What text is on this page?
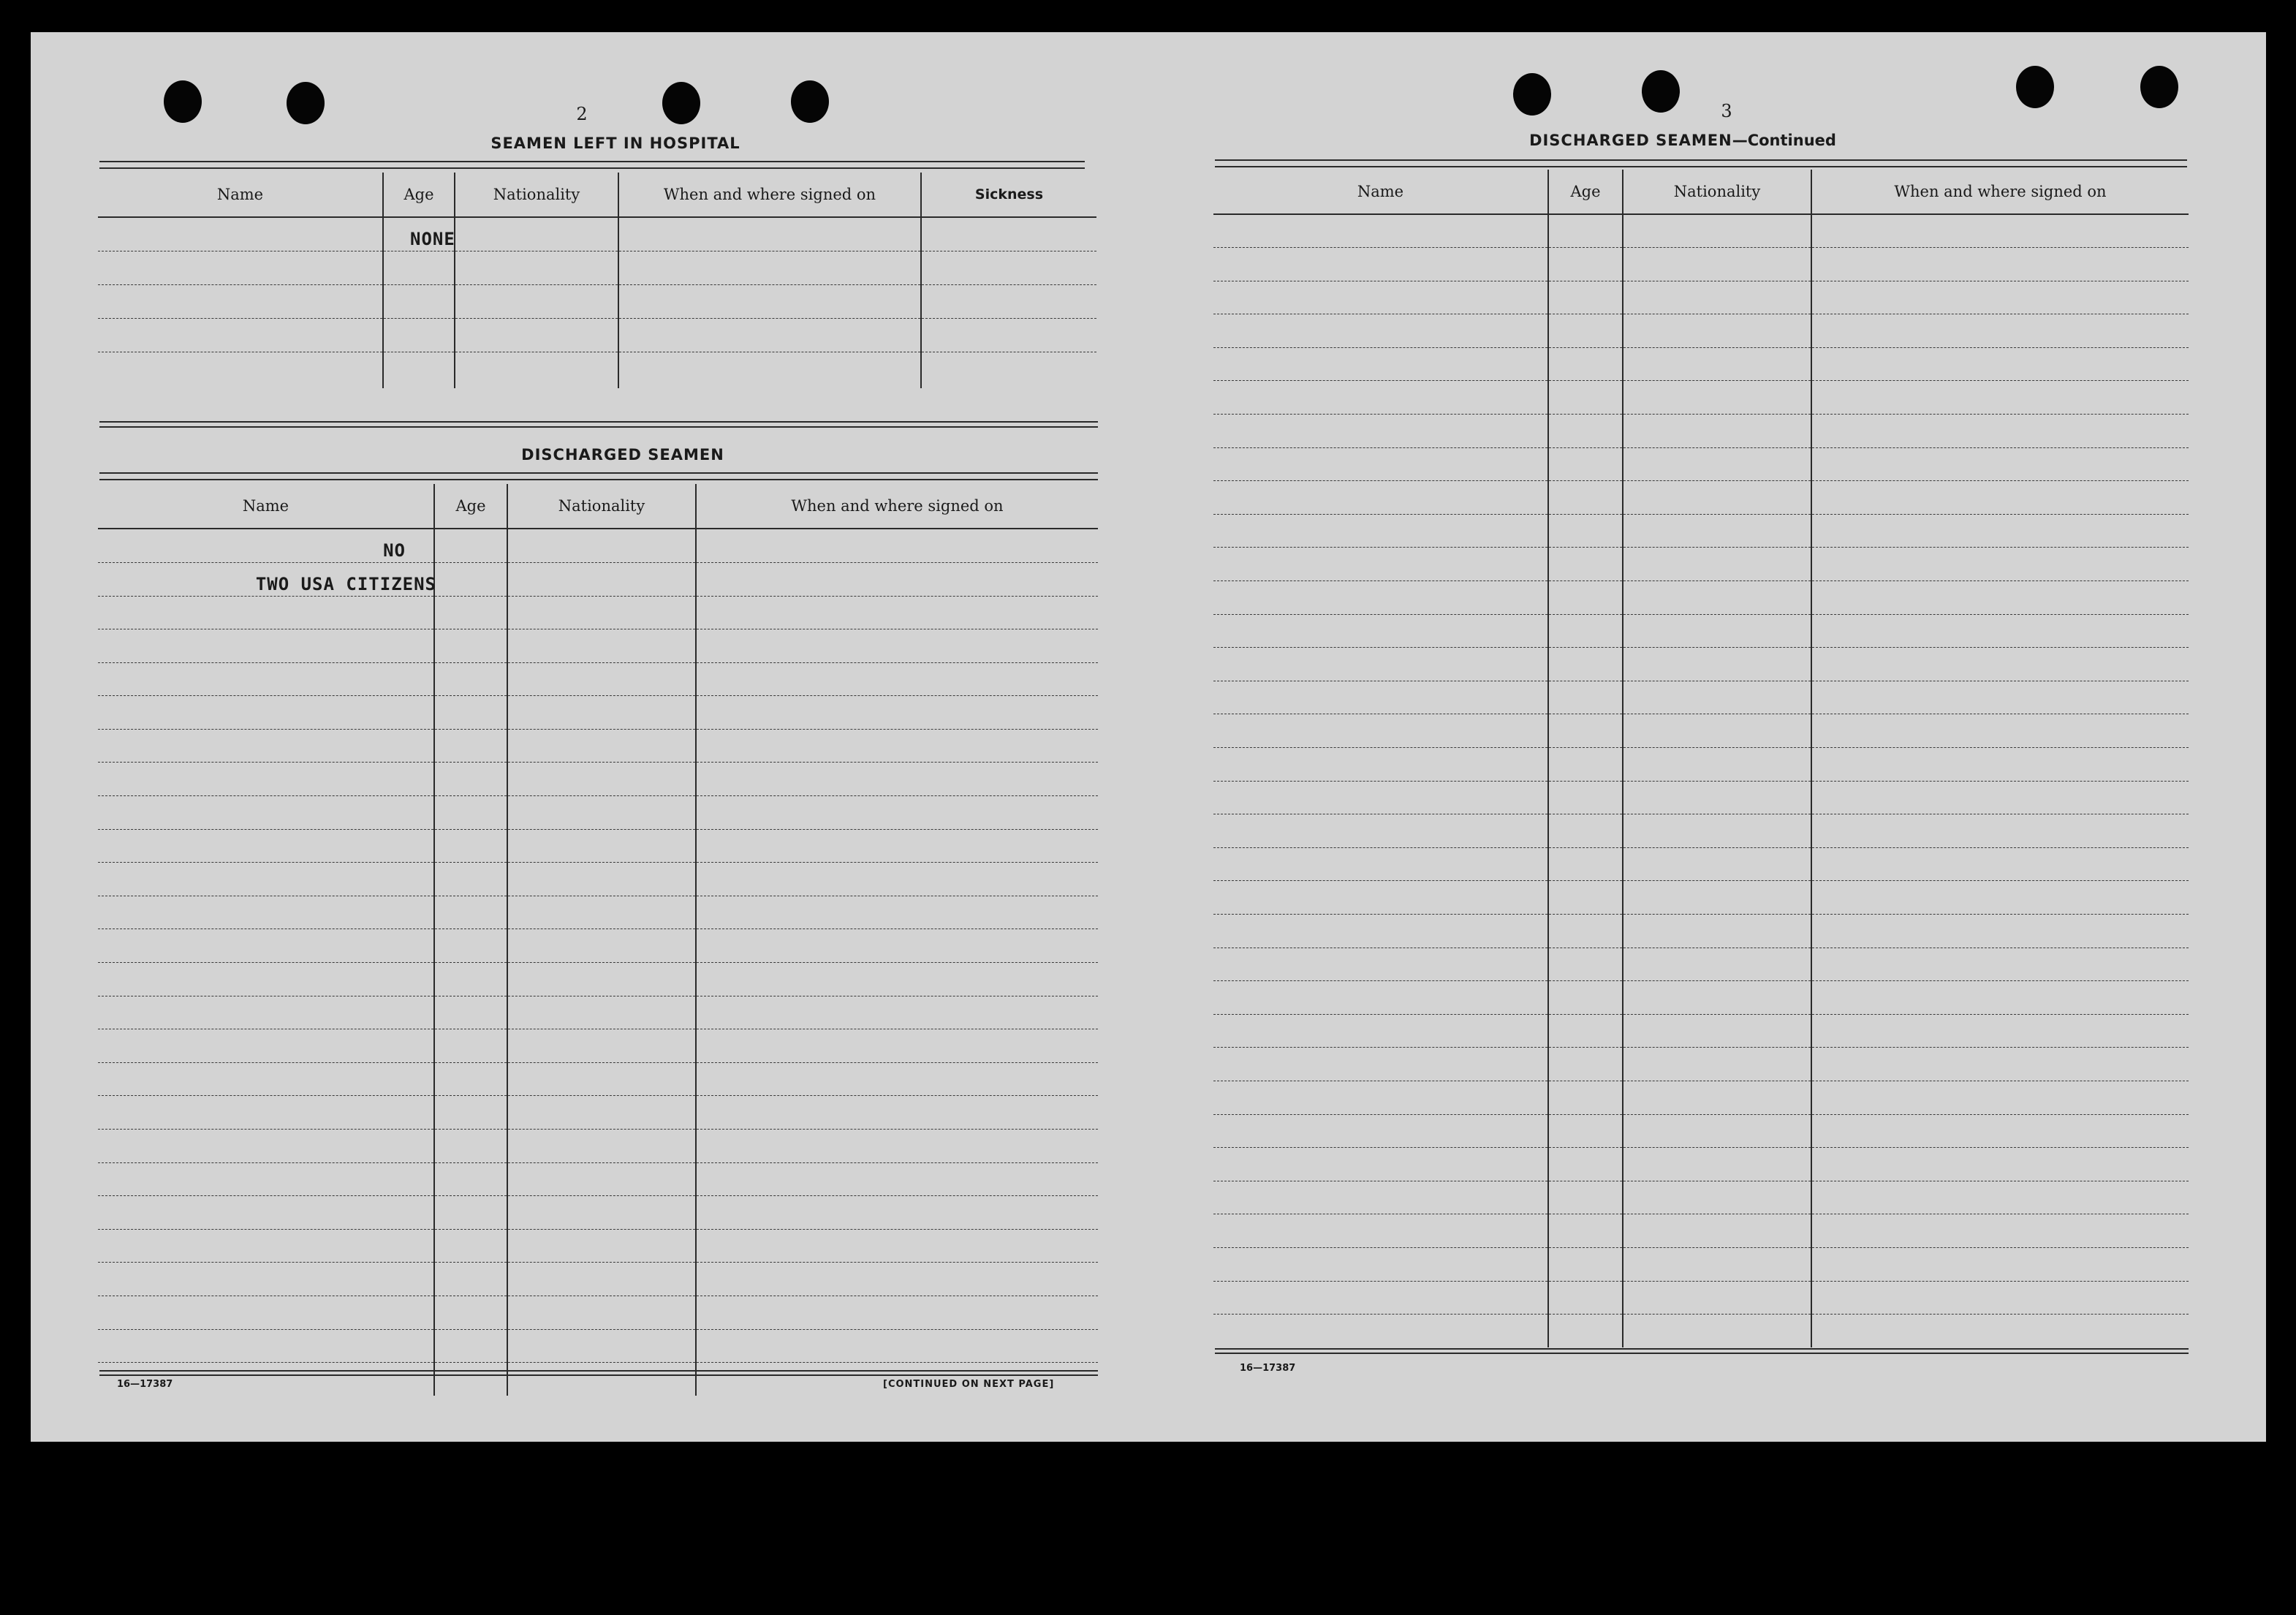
2
SEAMEN LEFT IN HOSPITAL
Name	Age	Nationality	When and where signed on	Sickness
	NONE			

DISCHARGED SEAMEN
Name	Age	Nationality	When and where signed on

NO			

TWO USA CITIZENS			

16—17387	[CONTINUED ON NEXT PAGE]
3
DISCHARGED SEAMEN—Continued
Name	Age	Nationality	When and where signed on

16—17387
